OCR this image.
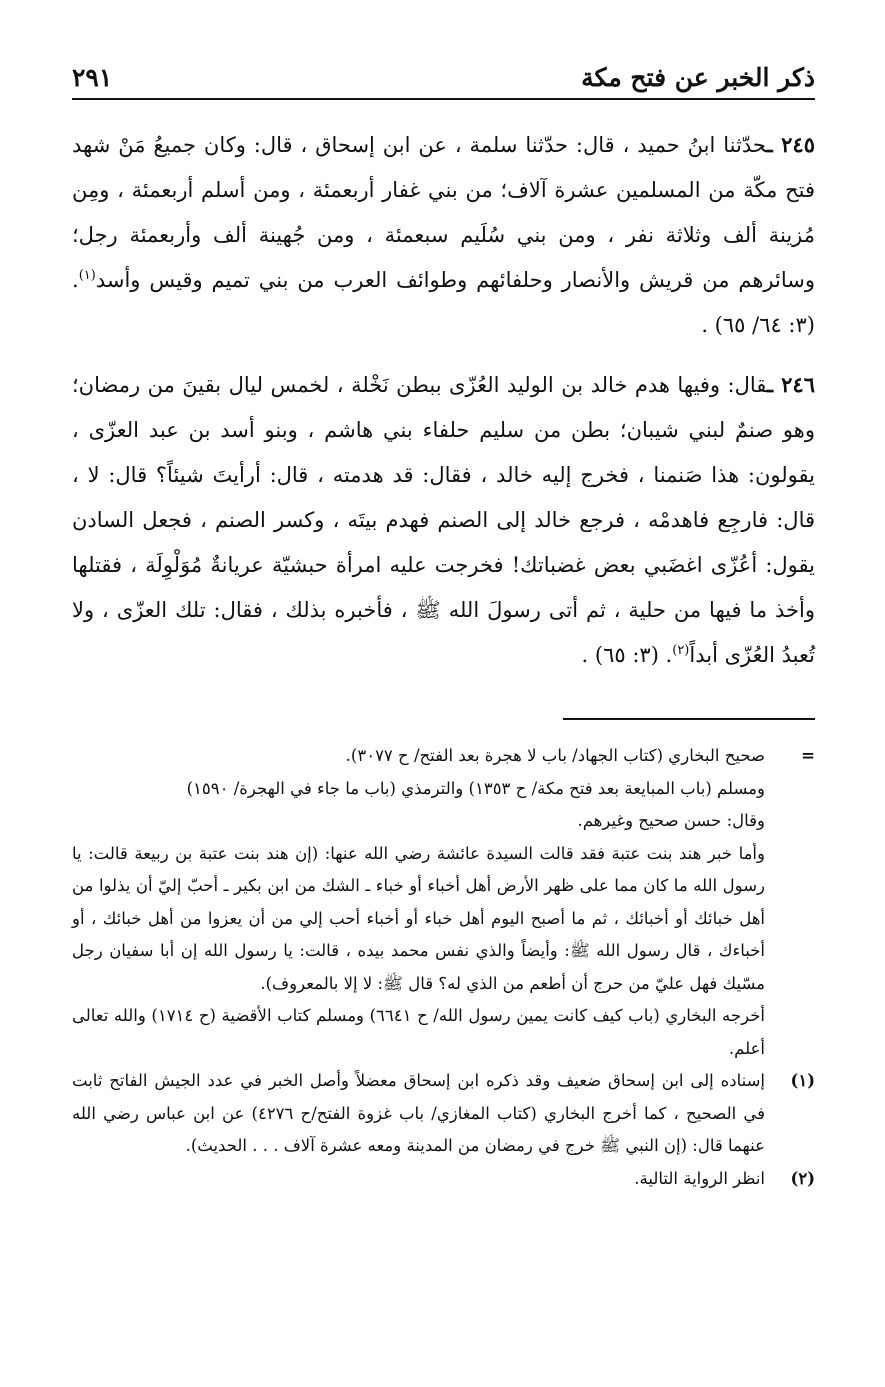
ذكر الخبر عن فتح مكة
٢٩١

٢٤٥ ـحدّثنا ابنُ حميد ، قال: حدّثنا سلمة ، عن ابن إسحاق ، قال: وكان جميعُ مَنْ شهد فتح مكّة من المسلمين عشرة آلاف؛ من بني غفار أربعمئة ، ومن أسلم أربعمئة ، ومِن مُزينة ألف وثلاثة نفر ، ومن بني سُلَيم سبعمئة ، ومن جُهينة ألف وأربعمئة رجل؛ وسائرهم من قريش والأنصار وحلفائهم وطوائف العرب من بني تميم وقيس وأسد$^{(١)}$. (٣: ٦٤/ ٦٥) .

٢٤٦ ـقال: وفيها هدم خالد بن الوليد العُزّى ببطن نَخْلة ، لخمس ليال بقينَ من رمضان؛ وهو صنمٌ لبني شيبان؛ بطن من سليم حلفاء بني هاشم ، وبنو أسد بن عبد العزّى ، يقولون: هذا صَنمنا ، فخرج إليه خالد ، فقال: قد هدمته ، قال: أرأيتَ شيئاً؟ قال: لا ، قال: فارجِع فاهدمْه ، فرجع خالد إلى الصنم فهدم بيتَه ، وكسر الصنم ، فجعل السادن يقول: أعُزّى اغضَبي بعض غضباتك! فخرجت عليه امرأة حبشيّة عريانةٌ مُوَلْوِلَة ، فقتلها وأخذ ما فيها من حلية ، ثم أتى رسولَ الله ﷺ ، فأخبره بذلك ، فقال: تلك العزّى ، ولا تُعبدُ العُزّى أبداً$^{(٢)}$. (٣: ٦٥) .

=

صحيح البخاري (كتاب الجهاد/ باب لا هجرة بعد الفتح/ ح ٣٠٧٧).

ومسلم (باب المبايعة بعد فتح مكة/ ح ١٣٥٣) والترمذي (باب ما جاء في الهجرة/ ١٥٩٠)

وقال: حسن صحيح وغيرهم.

وأما خبر هند بنت عتبة فقد قالت السيدة عائشة رضي الله عنها: (إن هند بنت عتبة بن ربيعة قالت: يا رسول الله ما كان مما على ظهر الأرض أهل أخباء أو خباء ـ الشك من ابن بكير ـ أحبّ إليّ أن يذلوا من أهل خبائك أو أخبائك ، ثم ما أصبح اليوم أهل خباء أو أخباء أحب إلي من أن يعزوا من أهل خبائك ، أو أخباءك ، قال رسول الله ﷺ: وأيضاً والذي نفس محمد بيده ، قالت: يا رسول الله إن أبا سفيان رجل مسّيك فهل عليّ من حرج أن أطعم من الذي له؟ قال ﷺ: لا إلا بالمعروف).

أخرجه البخاري (باب كيف كانت يمين رسول الله/ ح ٦٦٤١) ومسلم كتاب الأقضية (ح ١٧١٤) والله تعالى أعلم.

(١)

إسناده إلى ابن إسحاق ضعيف وقد ذكره ابن إسحاق معضلاً وأصل الخبر في عدد الجيش الفاتح ثابت في الصحيح ، كما أخرج البخاري (كتاب المغازي/ باب غزوة الفتح/ح ٤٢٧٦) عن ابن عباس رضي الله عنهما قال: (إن النبي ﷺ خرج في رمضان من المدينة ومعه عشرة آلاف . . . الحديث).

(٢)

انظر الرواية التالية.
